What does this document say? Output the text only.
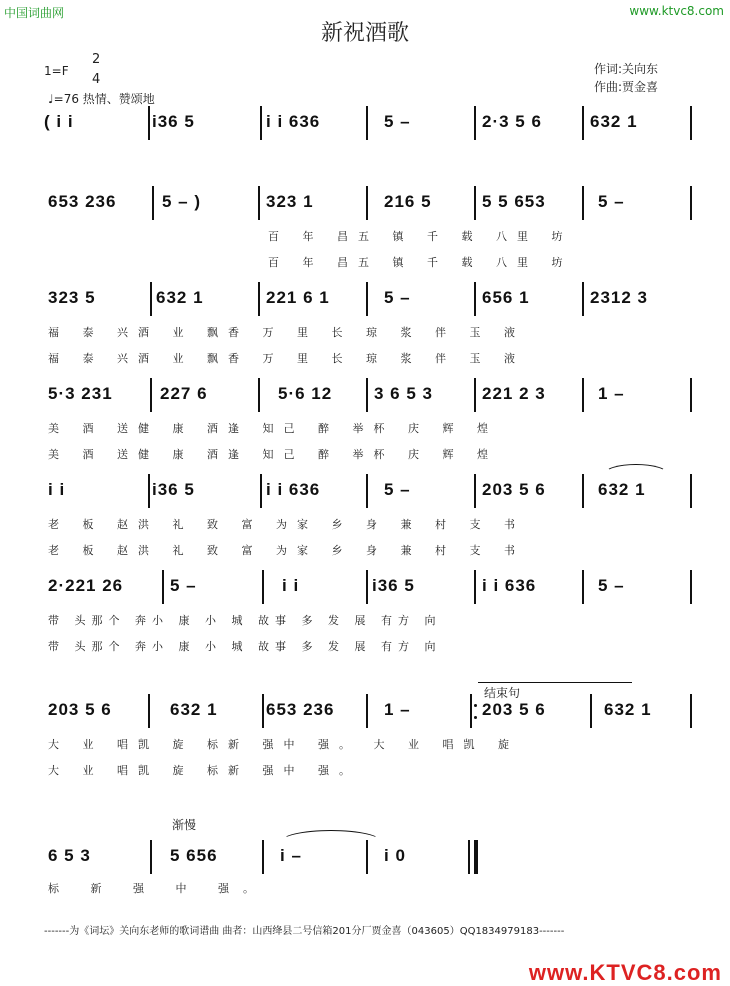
中国词曲网	www.ktvc8.com
新祝酒歌
1=F
2
4
♩=76 热情、赞颂地
作词:关向东
作曲:贾金喜
( i i	i36 5	i i 636	5 –	2·3 5 6	632 1
653 236	5 – )	323 1	216 5	5 5 653	5 –
百 年 昌五 镇 千 载 八里 坊
百 年 昌五 镇 千 载 八里 坊
323 5	632 1	221 6 1	5 –	656 1	2312 3
福 泰 兴酒 业 飘香 万 里 长 琼 浆 伴 玉 液
福 泰 兴酒 业 飘香 万 里 长 琼 浆 伴 玉 液
5·3 231	227 6	5·6 12 3 6 5 3	221 2 3	1 –
美 酒 送健 康 酒逢 知己 醉 举杯 庆 辉 煌
美 酒 送健 康 酒逢 知己 醉 举杯 庆 辉 煌
i i	i36 5	i i 636	5 –	203 5 6	632 1
老 板 赵洪 礼 致 富 为家 乡 身 兼 村 支 书
老 板 赵洪 礼 致 富 为家 乡 身 兼 村 支 书
2·221 26	5 –	i i	i36 5	i i 636	5 –
带 头那个 奔小 康 小 城 故事 多 发 展 有方 向
带 头那个 奔小 康 小 城 故事 多 发 展 有方 向
结束句
203 5 6	632 1	653 236	1 –	203 5 6	632 1
大 业 唱凯 旋 标新 强中 强。 大 业 唱凯 旋
大 业 唱凯 旋 标新 强中 强。
渐慢
6 5 3	5 656	i –	i 0
标 新 强 中 强。
-------为《词坛》关向东老师的歌词谱曲 曲者：山西绛县二号信箱201分厂贾金喜（043605）QQ1834979183-------
www.KTVC8.com
